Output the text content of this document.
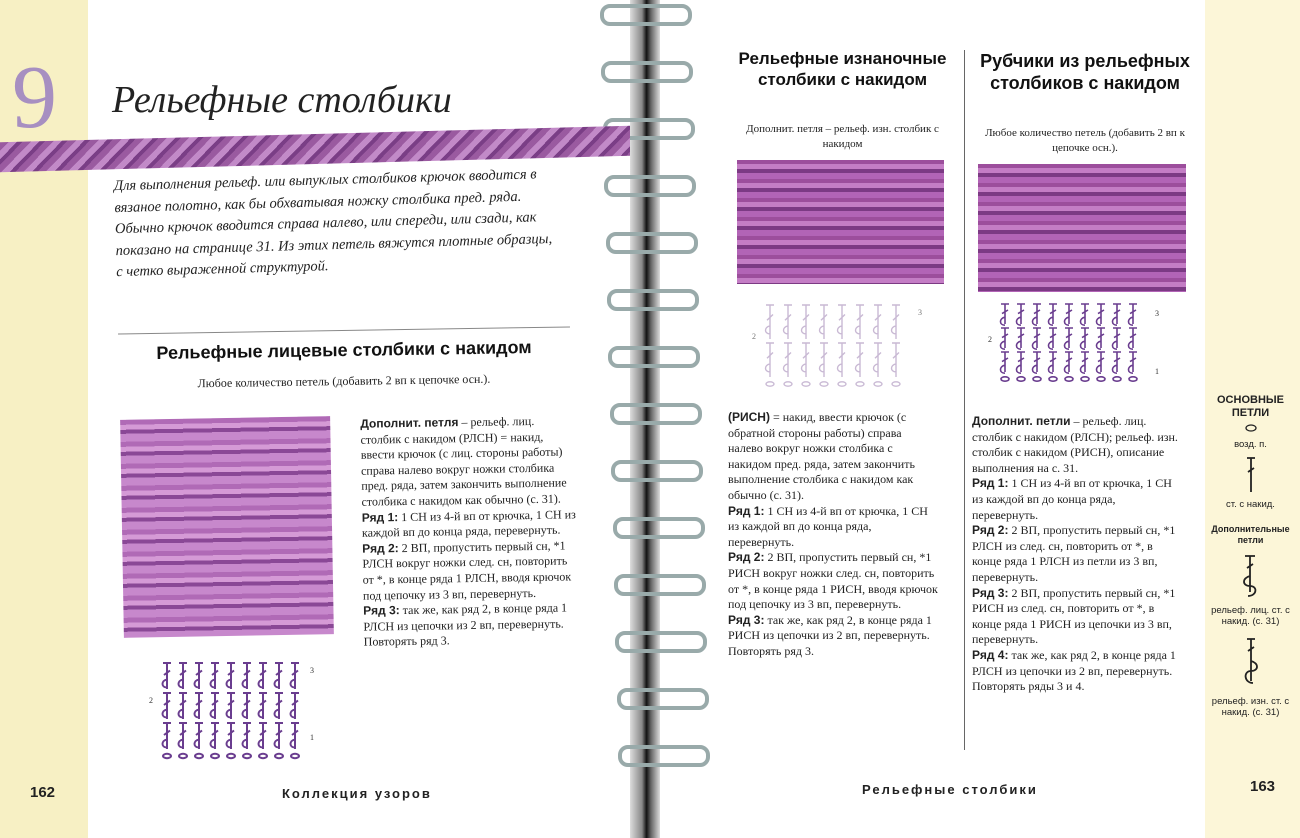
9 Рельефные столбики
Для выполнения рельеф. или выпуклых столбиков крючок вводится в вязаное полотно, как бы обхватывая ножку столбика пред. ряда. Обычно крючок вводится справа налево, или спереди, или сзади, как показано на странице 31. Из этих петель вяжутся плотные образцы, с четко выраженной структурой.
Рельефные лицевые столбики с накидом
Любое количество петель (добавить 2 вп к цепочке осн.).
3
2
1
Дополнит. петля – рельеф. лиц. столбик с накидом (РЛСН) = накид, ввести крючок (с лиц. стороны работы) справа налево вокруг ножки столбика пред. ряда, затем закончить выполнение столбика с накидом как обычно (с. 31).
Ряд 1: 1 СН из 4-й вп от крючка, 1 СН из каждой вп до конца ряда, перевернуть.
Ряд 2: 2 ВП, пропустить первый сн, *1 РЛСН вокруг ножки след. сн, повторить от *, в конце ряда 1 РЛСН, вводя крючок под цепочку из 3 вп, перевернуть.
Ряд 3: так же, как ряд 2, в конце ряда 1 РЛСН из цепочки из 2 вп, перевернуть.
Повторять ряд 3.
162	Коллекция узоров
Рельефные изнаночные столбики с накидом
Дополнит. петля – рельеф. изн. столбик с накидом
3
2
(РИСН) = накид, ввести крючок (с обратной стороны работы) справа налево вокруг ножки столбика с накидом пред. ряда, затем закончить выполнение столбика с накидом как обычно (с. 31).
Ряд 1: 1 СН из 4-й вп от крючка, 1 СН из каждой вп до конца ряда, перевернуть.
Ряд 2: 2 ВП, пропустить первый сн, *1 РИСН вокруг ножки след. сн, повторить от *, в конце ряда 1 РИСН, вводя крючок под цепочку из 3 вп, перевернуть.
Ряд 3: так же, как ряд 2, в конце ряда 1 РИСН из цепочки из 2 вп, перевернуть.
Повторять ряд 3.
Рубчики из рельефных столбиков с накидом
Любое количество петель (добавить 2 вп к цепочке осн.).
3
2
1
Дополнит. петли – рельеф. лиц. столбик с накидом (РЛСН); рельеф. изн. столбик с накидом (РИСН), описание выполнения на с. 31.
Ряд 1: 1 СН из 4-й вп от крючка, 1 СН из каждой вп до конца ряда, перевернуть.
Ряд 2: 2 ВП, пропустить первый сн, *1 РЛСН из след. сн, повторить от *, в конце ряда 1 РЛСН из петли из 3 вп, перевернуть.
Ряд 3: 2 ВП, пропустить первый сн, *1 РИСН из след. сн, повторить от *, в конце ряда 1 РИСН из цепочки из 3 вп, перевернуть.
Ряд 4: так же, как ряд 2, в конце ряда 1 РЛСН из цепочки из 2 вп, перевернуть.
Повторять ряды 3 и 4.
Рельефные столбики	163
ОСНОВНЫЕ ПЕТЛИ
возд. п.
ст. с накид.
Дополнительные петли
рельеф. лиц. ст. с накид. (с. 31)
рельеф. изн. ст. с накид. (с. 31)
